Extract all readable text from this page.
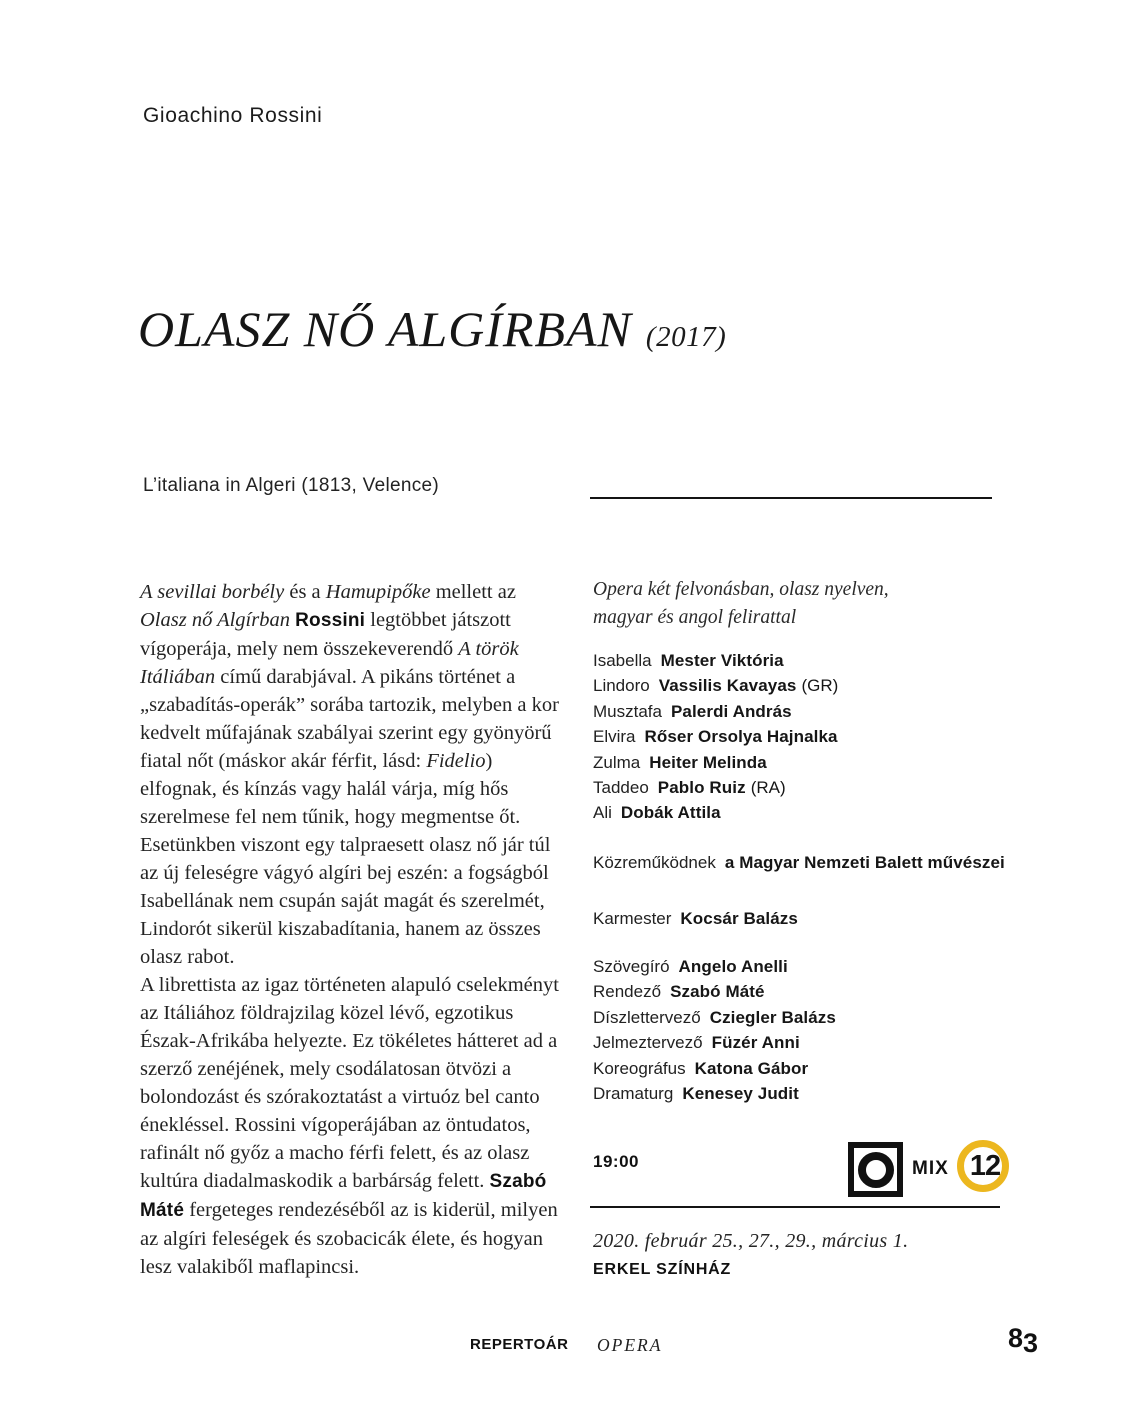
Gioachino Rossini
OLASZ NŐ ALGÍRBAN (2017)
L’italiana in Algeri (1813, Velence)

A sevillai borbély és a Hamupipőke mellett az Olasz nő Algírban Rossini legtöbbet játszott vígoperája, mely nem összekeverendő A török Itáliában című darabjával. A pikáns történet a „szabadítás-operák” sorába tartozik, melyben a kor kedvelt műfajának szabályai szerint egy gyönyörű fiatal nőt (máskor akár férfit, lásd: Fidelio) elfognak, és kínzás vagy halál várja, míg hős szerelmese fel nem tűnik, hogy megmentse őt. Esetünkben viszont egy talpraesett olasz nő jár túl az új feleségre vágyó algíri bej eszén: a fogságból Isabellának nem csupán saját magát és szerelmét, Lindorót sikerül kiszabadítania, hanem az összes olasz rabot.

A librettista az igaz történeten alapuló cselekményt az Itáliához földrajzilag közel lévő, egzotikus Észak-Afrikába helyezte. Ez tökéletes hátteret ad a szerző zenéjének, mely csodálatosan ötvözi a bolondozást és szórakoztatást a virtuóz bel canto énekléssel. Rossini vígoperájában az öntudatos, rafinált nő győz a macho férfi felett, és az olasz kultúra diadalmaskodik a barbárság felett. Szabó Máté fergeteges rendezéséből az is kiderül, milyen az algíri feleségek és szobacicák élete, és hogyan lesz valakiből maflapincsi.

Opera két felvonásban, olasz nyelven,
magyar és angol felirattal

Isabella Mester Viktória
Lindoro Vassilis Kavayas (GR)
Musztafa Palerdi András
Elvira Rőser Orsolya Hajnalka
Zulma Heiter Melinda
Taddeo Pablo Ruiz (RA)
Ali Dobák Attila
Közreműködnek a Magyar Nemzeti Balett művészei
Karmester Kocsár Balázs
Szövegíró Angelo Anelli
Rendező Szabó Máté
Díszlettervező Cziegler Balázs
Jelmeztervező Füzér Anni
Koreográfus Katona Gábor
Dramaturg Kenesey Judit
19:00	MIX 12
2020. február 25., 27., 29., március 1.
ERKEL SZÍNHÁZ
REPERTOÁR OPERA	83
